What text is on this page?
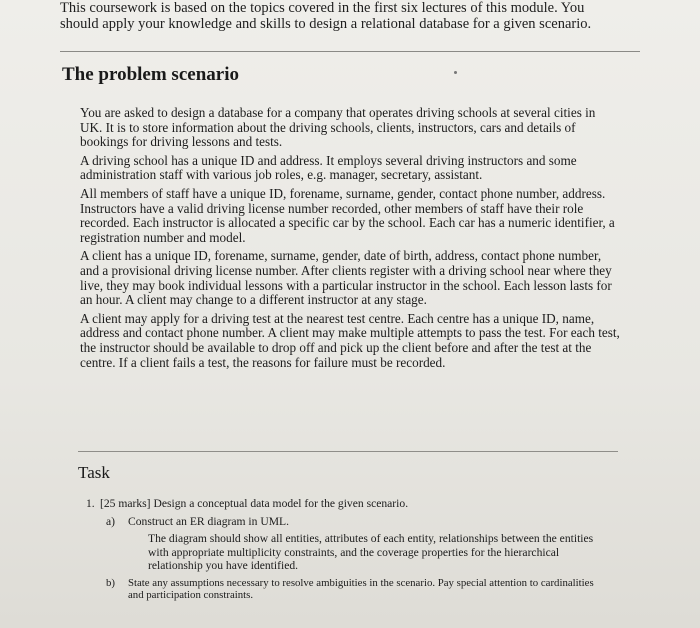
This coursework is based on the topics covered in the first six lectures of this module. You

should apply your knowledge and skills to design a relational database for a given scenario.

The problem scenario

You are asked to design a database for a company that operates driving schools at several cities in UK. It is to store information about the driving schools, clients, instructors, cars and details of bookings for driving lessons and tests.

A driving school has a unique ID and address. It employs several driving instructors and some administration staff with various job roles, e.g. manager, secretary, assistant.

All members of staff have a unique ID, forename, surname, gender, contact phone number, address. Instructors have a valid driving license number recorded, other members of staff have their role recorded. Each instructor is allocated a specific car by the school. Each car has a numeric identifier, a registration number and model.

A client has a unique ID, forename, surname, gender, date of birth, address, contact phone number, and a provisional driving license number. After clients register with a driving school near where they live, they may book individual lessons with a particular instructor in the school. Each lesson lasts for an hour. A client may change to a different instructor at any stage.

A client may apply for a driving test at the nearest test centre. Each centre has a unique ID, name, address and contact phone number. A client may make multiple attempts to pass the test. For each test, the instructor should be available to drop off and pick up the client before and after the test at the centre. If a client fails a test, the reasons for failure must be recorded.

Task
1. [25 marks] Design a conceptual data model for the given scenario.
a)	Construct an ER diagram in UML.
The diagram should show all entities, attributes of each entity, relationships between the entities with appropriate multiplicity constraints, and the coverage properties for the hierarchical relationship you have identified.
b)	State any assumptions necessary to resolve ambiguities in the scenario. Pay special attention to cardinalities and participation constraints.
